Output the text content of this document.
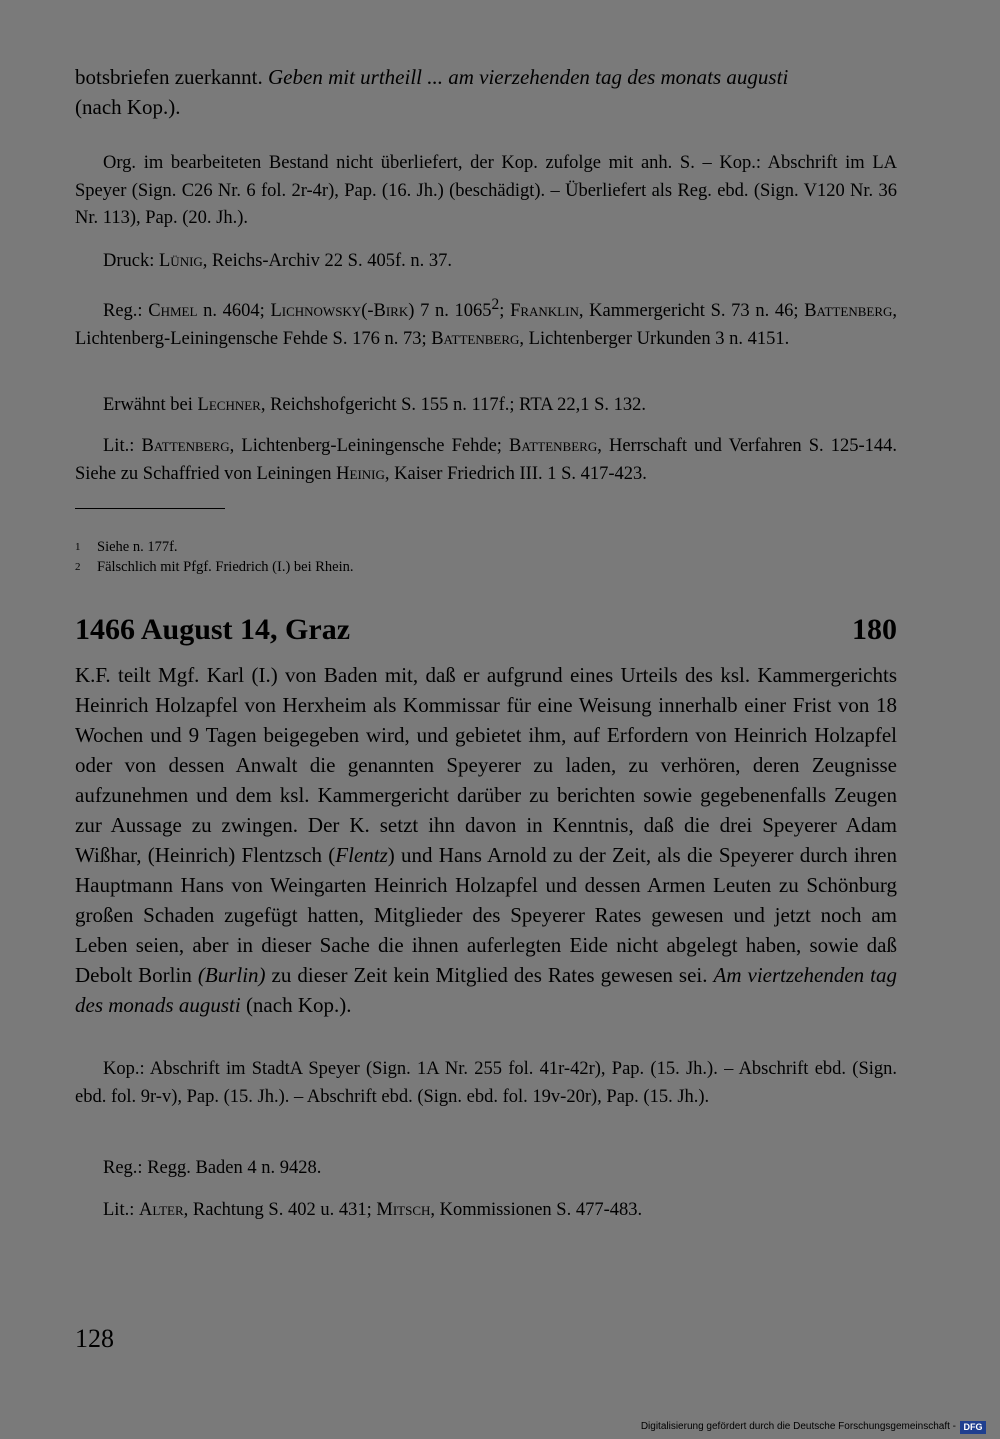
botsbriefen zuerkannt. Geben mit urtheill ... am vierzehenden tag des monats augusti
(nach Kop.).

Org. im bearbeiteten Bestand nicht überliefert, der Kop. zufolge mit anh. S. – Kop.: Abschrift im LA Speyer (Sign. C26 Nr. 6 fol. 2r-4r), Pap. (16. Jh.) (beschädigt). – Überliefert als Reg. ebd. (Sign. V120 Nr. 36 Nr. 113), Pap. (20. Jh.).

Druck: Lünig, Reichs-Archiv 22 S. 405f. n. 37.

Reg.: Chmel n. 4604; Lichnowsky(-Birk) 7 n. 1065$^2$; Franklin, Kammergericht S. 73 n. 46; Battenberg, Lichtenberg-Leiningensche Fehde S. 176 n. 73; Battenberg, Lichtenberger Urkunden 3 n. 4151.

Erwähnt bei Lechner, Reichshofgericht S. 155 n. 117f.; RTA 22,1 S. 132.

Lit.: Battenberg, Lichtenberg-Leiningensche Fehde; Battenberg, Herrschaft und Verfahren S. 125-144. Siehe zu Schaffried von Leiningen Heinig, Kaiser Friedrich III. 1 S. 417-423.

1 Siehe n. 177f.
2 Fälschlich mit Pfgf. Friedrich (I.) bei Rhein.
1466 August 14, Graz	180

K.F. teilt Mgf. Karl (I.) von Baden mit, daß er aufgrund eines Urteils des ksl. Kammergerichts Heinrich Holzapfel von Herxheim als Kommissar für eine Weisung innerhalb einer Frist von 18 Wochen und 9 Tagen beigegeben wird, und gebietet ihm, auf Erfordern von Heinrich Holzapfel oder von dessen Anwalt die genannten Speyerer zu laden, zu verhören, deren Zeugnisse aufzunehmen und dem ksl. Kammergericht darüber zu berichten sowie gegebenenfalls Zeugen zur Aussage zu zwingen. Der K. setzt ihn davon in Kenntnis, daß die drei Speyerer Adam Wißhar, (Heinrich) Flentzsch (Flentz) und Hans Arnold zu der Zeit, als die Speyerer durch ihren Hauptmann Hans von Weingarten Heinrich Holzapfel und dessen Armen Leuten zu Schönburg großen Schaden zugefügt hatten, Mitglieder des Speyerer Rates gewesen und jetzt noch am Leben seien, aber in dieser Sache die ihnen auferlegten Eide nicht abgelegt haben, sowie daß Debolt Borlin (Burlin) zu dieser Zeit kein Mitglied des Rates gewesen sei. Am viertzehenden tag des monads augusti (nach Kop.).

Kop.: Abschrift im StadtA Speyer (Sign. 1A Nr. 255 fol. 41r-42r), Pap. (15. Jh.). – Abschrift ebd. (Sign. ebd. fol. 9r-v), Pap. (15. Jh.). – Abschrift ebd. (Sign. ebd. fol. 19v-20r), Pap. (15. Jh.).

Reg.: Regg. Baden 4 n. 9428.

Lit.: Alter, Rachtung S. 402 u. 431; Mitsch, Kommissionen S. 477-483.

128
Digitalisierung gefördert durch die Deutsche Forschungsgemeinschaft - DFG
